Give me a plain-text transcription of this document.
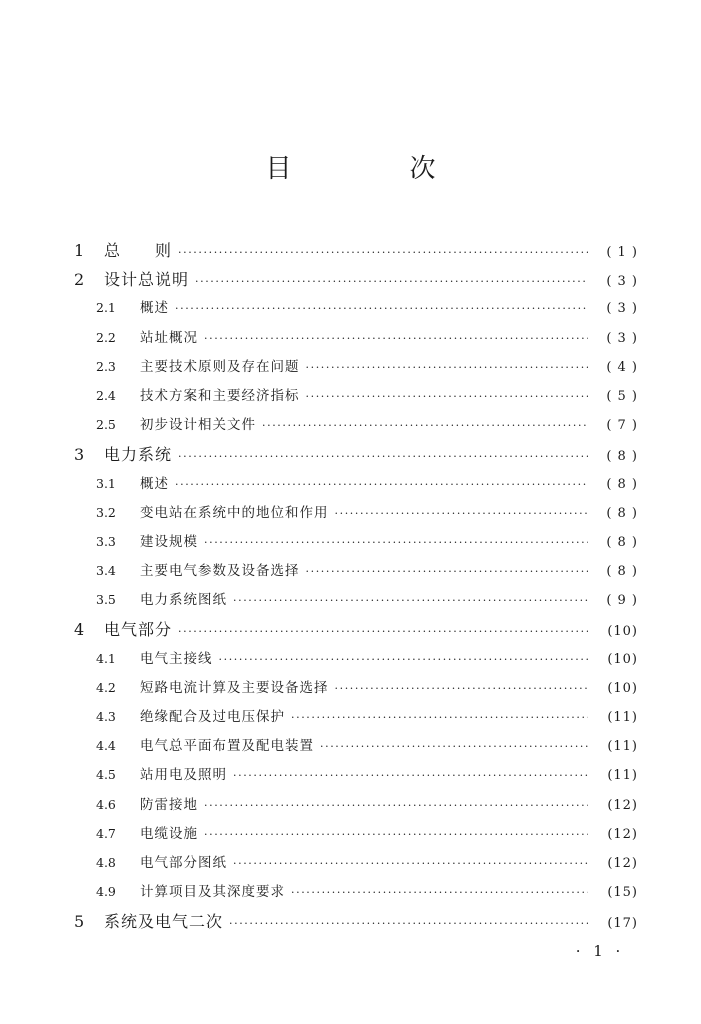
目　次
1	总　　则 ·····	( 1 )
2	设计总说明 ·····	( 3 )
2.1	概述 ·····	( 3 )
2.2	站址概况 ·····	( 3 )
2.3	主要技术原则及存在问题 ·····	( 4 )
2.4	技术方案和主要经济指标 ·····	( 5 )
2.5	初步设计相关文件 ·····	( 7 )
3	电力系统 ·····	( 8 )
3.1	概述 ·····	( 8 )
3.2	变电站在系统中的地位和作用 ·····	( 8 )
3.3	建设规模 ·····	( 8 )
3.4	主要电气参数及设备选择 ·····	( 8 )
3.5	电力系统图纸 ·····	( 9 )
4	电气部分 ·····	(10)
4.1	电气主接线 ·····	(10)
4.2	短路电流计算及主要设备选择 ·····	(10)
4.3	绝缘配合及过电压保护 ·····	(11)
4.4	电气总平面布置及配电装置 ·····	(11)
4.5	站用电及照明 ·····	(11)
4.6	防雷接地 ·····	(12)
4.7	电缆设施 ·····	(12)
4.8	电气部分图纸 ·····	(12)
4.9	计算项目及其深度要求 ·····	(15)
5	系统及电气二次 ·····	(17)
· 1 ·
